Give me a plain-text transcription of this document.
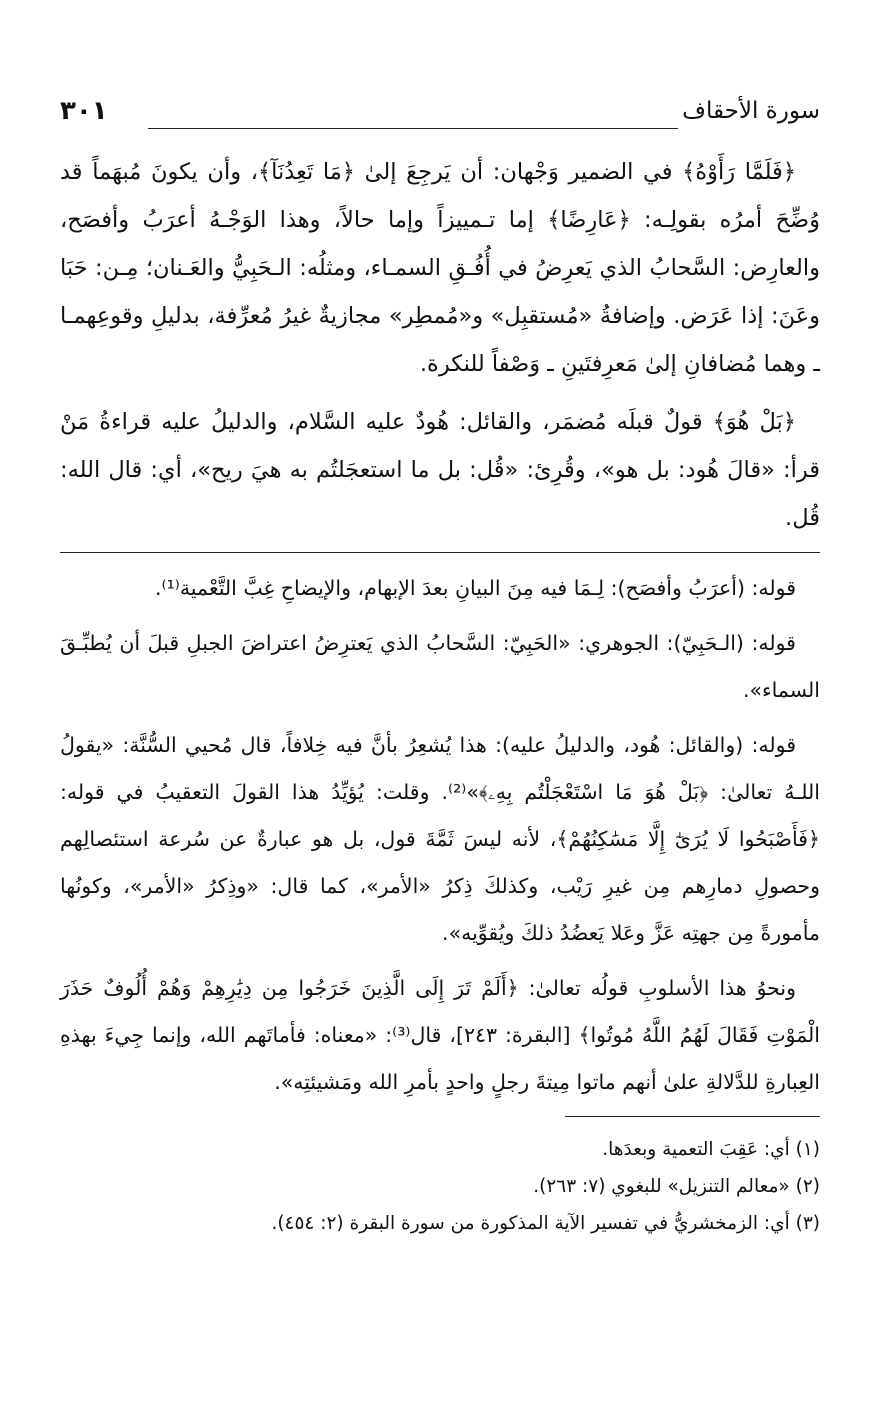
سورة الأحقاف
٣٠١

﴿فَلَمَّا رَأَوْهُ﴾ في الضمير وَجْهان: أن يَرجِعَ إلىٰ ﴿مَا تَعِدُنَآ﴾، وأن يكونَ مُبهَماً قد وُضِّحَ أمرُه بقولِـه: ﴿عَارِضًا﴾ إما تـمييزاً وإما حالاً، وهذا الوَجْـهُ أعرَبُ وأفصَح، والعارِض: السَّحابُ الذي يَعرِضُ في أُفُـقِ السمـاء، ومثلُه: الـحَبِيُّ والعَـنان؛ مِـن: حَبَا وعَنَ: إذا عَرَض. وإضافةُ «مُستقبِل» و«مُمطِر» مجازيةٌ غيرُ مُعرِّفة، بدليلِ وقوعِهمـا ـ وهما مُضافانِ إلىٰ مَعرِفتَينِ ـ وَصْفاً للنكرة.

﴿بَلْ هُوَ﴾ قولٌ قبلَه مُضمَر، والقائل: هُودٌ عليه السَّلام، والدليلُ عليه قراءةُ مَنْ قرأ: «قالَ هُود: بل هو»، وقُرِئ: «قُل: بل ما استعجَلتُم به هيَ ريح»، أي: قال الله: قُل.

قوله: (أعرَبُ وأفصَح): لِـمَا فيه مِنَ البيانِ بعدَ الإبهام، والإيضاحِ غِبَّ التَّعْمية⁽¹⁾.

قوله: (الـحَبِيّ): الجوهري: «الحَبِيّ: السَّحابُ الذي يَعترِضُ اعتراضَ الجبلِ قبلَ أن يُطبِّـقَ السماء».

قوله: (والقائل: هُود، والدليلُ عليه): هذا يُشعِرُ بأنَّ فيه خِلافاً، قال مُحيي السُّنَّة: «يقولُ اللـهُ تعالىٰ: ﴿بَلْ هُوَ مَا اسْتَعْجَلْتُم بِهِۦ﴾»⁽²⁾. وقلت: يُؤيِّدُ هذا القولَ التعقيبُ في قوله: ﴿فَأَصْبَحُوا لَا يُرَىٰٓ إِلَّا مَسَٰكِنُهُمْ﴾، لأنه ليسَ ثَمَّةَ قول، بل هو عبارةٌ عن سُرعة استئصالِهم وحصولِ دمارِهم مِن غيرِ رَيْب، وكذلكَ ذِكرُ «الأمر»، كما قال: «وذِكرُ «الأمر»، وكونُها مأمورةً مِن جهتِه عَزَّ وعَلا يَعضُدُ ذلكَ ويُقوِّيه».

ونحوُ هذا الأسلوبِ قولُه تعالىٰ: ﴿أَلَمْ تَرَ إِلَى الَّذِينَ خَرَجُوا مِن دِيَٰرِهِمْ وَهُمْ أُلُوفٌ حَذَرَ الْمَوْتِ فَقَالَ لَهُمُ اللَّهُ مُوتُوا﴾ [البقرة: ٢٤٣]، قال⁽³⁾: «معناه: فأماتَهم الله، وإنما جِيءَ بهذهِ العِبارةِ للدَّلالةِ علىٰ أنهم ماتوا مِيتةَ رجلٍ واحدٍ بأمرِ الله ومَشيئتِه».

(١) أي: عَقِبَ التعمية وبعدَها.

(٢) «معالم التنزيل» للبغوي (٧: ٢٦٣).

(٣) أي: الزمخشريُّ في تفسير الآية المذكورة من سورة البقرة (٢: ٤٥٤).
